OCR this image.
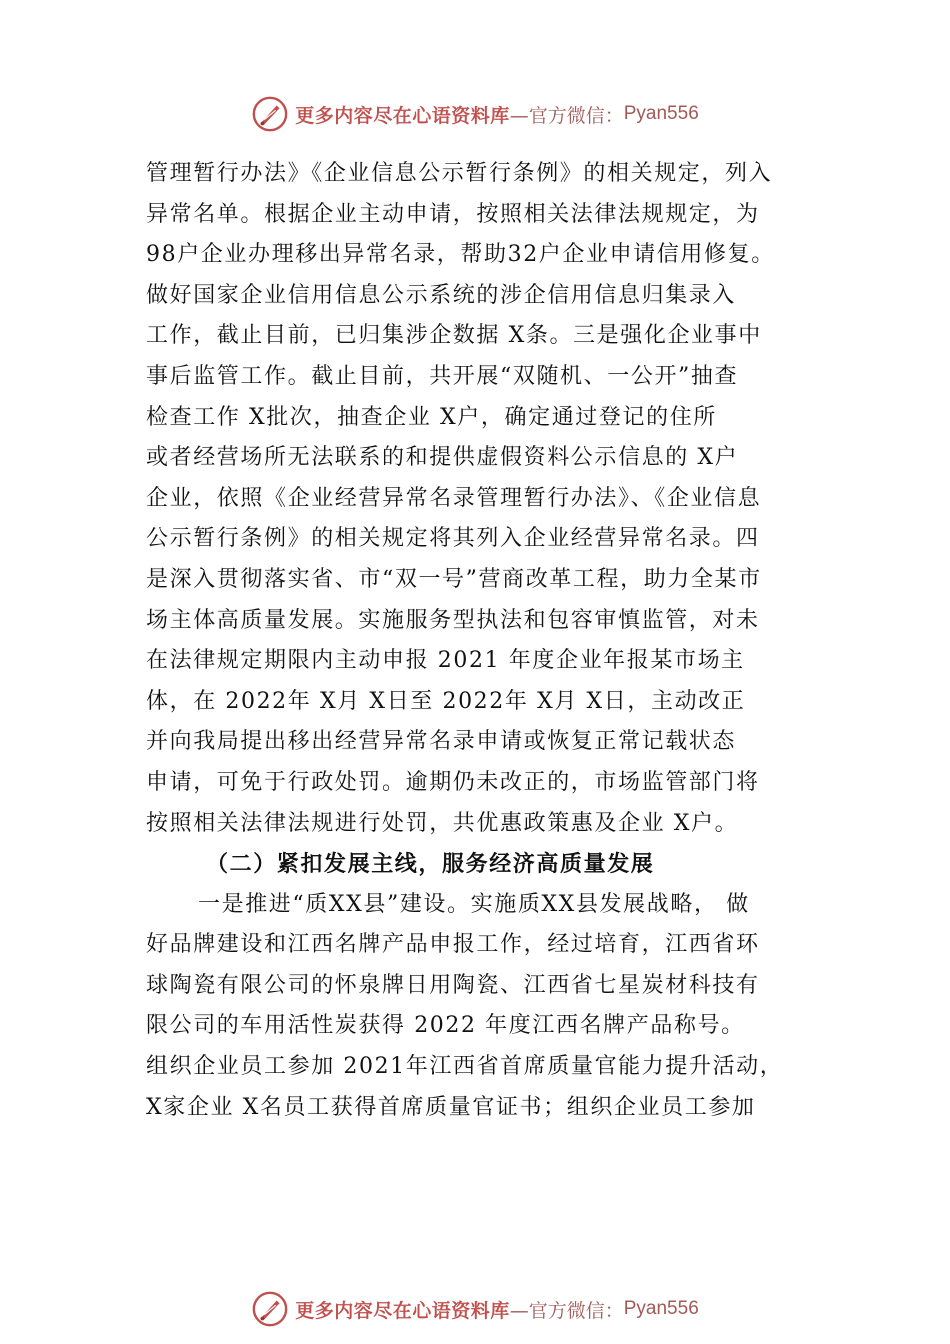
更多内容尽在心语资料库 —官方微信： Pyan556
管理暂行办法》《企业信息公示暂行条例》的相关规定，列入
异常名单。根据企业主动申请，按照相关法律法规规定，为
98户企业办理移出异常名录，帮助32户企业申请信用修复。
做好国家企业信用信息公示系统的涉企信用信息归集录入
工作，截止目前，已归集涉企数据 X条。三是强化企业事中
事后监管工作。截止目前，共开展“双随机、一公开”抽查
检查工作 X批次，抽查企业 X户，确定通过登记的住所
或者经营场所无法联系的和提供虚假资料公示信息的 X户
企业，依照《企业经营异常名录管理暂行办法》、《企业信息
公示暂行条例》的相关规定将其列入企业经营异常名录。四
是深入贯彻落实省、市“双一号”营商改革工程，助力全某市
场主体高质量发展。实施服务型执法和包容审慎监管，对未
在法律规定期限内主动申报 2021 年度企业年报某市场主
体，在 2022年 X月 X日至 2022年 X月 X日，主动改正
并向我局提出移出经营异常名录申请或恢复正常记载状态
申请，可免于行政处罚。逾期仍未改正的，市场监管部门将
按照相关法律法规进行处罚，共优惠政策惠及企业 X户。
（二）紧扣发展主线，服务经济高质量发展
一是推进“质XX县”建设。实施质XX县发展战略， 做
好品牌建设和江西名牌产品申报工作，经过培育，江西省环
球陶瓷有限公司的怀泉牌日用陶瓷、江西省七星炭材科技有
限公司的车用活性炭获得 2022 年度江西名牌产品称号。
组织企业员工参加 2021年江西省首席质量官能力提升活动，
X家企业 X名员工获得首席质量官证书；组织企业员工参加
更多内容尽在心语资料库 —官方微信： Pyan556
